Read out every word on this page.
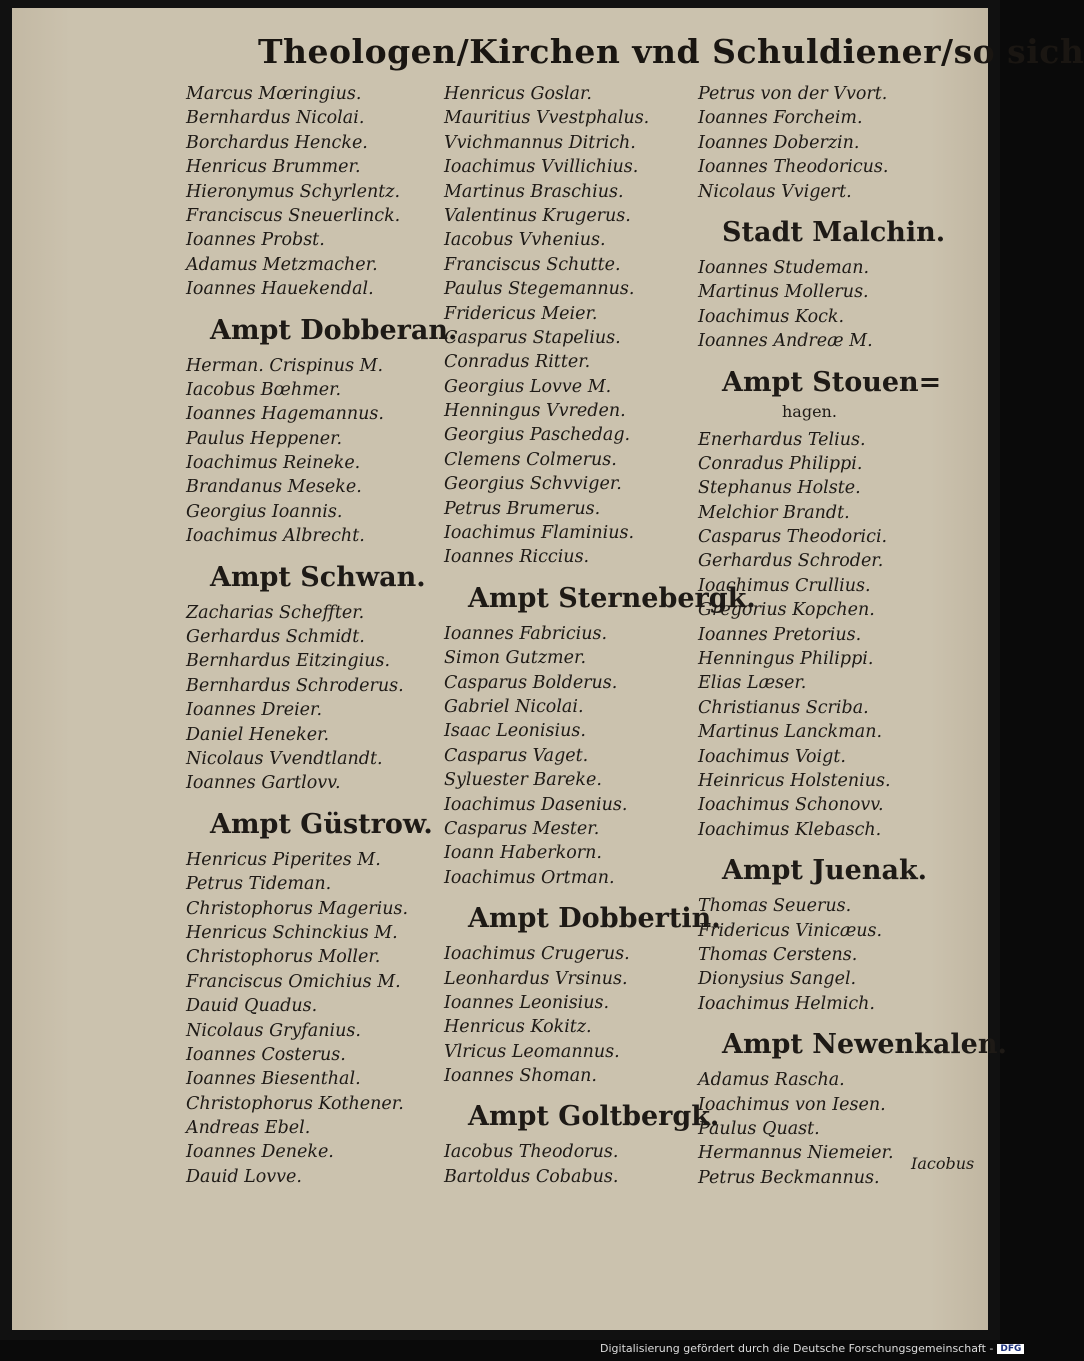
Theologen/Kirchen vnd Schuldiener/so sich
Marcus Mœringius.
Bernhardus Nicolai.
Borchardus Hencke.
Henricus Brummer.
Hieronymus Schyrlentz.
Franciscus Sneuerlinck.
Ioannes Probst.
Adamus Metzmacher.
Ioannes Hauekendal.
Ampt Dobberan.
Herman. Crispinus M.
Iacobus Bœhmer.
Ioannes Hagemannus.
Paulus Heppener.
Ioachimus Reineke.
Brandanus Meseke.
Georgius Ioannis.
Ioachimus Albrecht.
Ampt Schwan.
Zacharias Scheffter.
Gerhardus Schmidt.
Bernhardus Eitzingius.
Bernhardus Schroderus.
Ioannes Dreier.
Daniel Heneker.
Nicolaus Vvendtlandt.
Ioannes Gartlovv.
Ampt Güstrow.
Henricus Piperites M.
Petrus Tideman.
Christophorus Magerius.
Henricus Schinckius M.
Christophorus Moller.
Franciscus Omichius M.
Dauid Quadus.
Nicolaus Gryfanius.
Ioannes Costerus.
Ioannes Biesenthal.
Christophorus Kothener.
Andreas Ebel.
Ioannes Deneke.
Dauid Lovve.
Henricus Goslar.
Mauritius Vvestphalus.
Vvichmannus Ditrich.
Ioachimus Vvillichius.
Martinus Braschius.
Valentinus Krugerus.
Iacobus Vvhenius.
Franciscus Schutte.
Paulus Stegemannus.
Fridericus Meier.
Casparus Stapelius.
Conradus Ritter.
Georgius Lovve M.
Henningus Vvreden.
Georgius Paschedag.
Clemens Colmerus.
Georgius Schvviger.
Petrus Brumerus.
Ioachimus Flaminius.
Ioannes Riccius.
Ampt Sternebergk.
Ioannes Fabricius.
Simon Gutzmer.
Casparus Bolderus.
Gabriel Nicolai.
Isaac Leonisius.
Casparus Vaget.
Syluester Bareke.
Ioachimus Dasenius.
Casparus Mester.
Ioann Haberkorn.
Ioachimus Ortman.
Ampt Dobbertin.
Ioachimus Crugerus.
Leonhardus Vrsinus.
Ioannes Leonisius.
Henricus Kokitz.
Vlricus Leomannus.
Ioannes Shoman.
Ampt Goltbergk.
Iacobus Theodorus.
Bartoldus Cobabus.
Petrus von der Vvort.
Ioannes Forcheim.
Ioannes Doberzin.
Ioannes Theodoricus.
Nicolaus Vvigert.
Stadt Malchin.
Ioannes Studeman.
Martinus Mollerus.
Ioachimus Kock.
Ioannes Andreæ M.
Ampt Stouen=
hagen.
Enerhardus Telius.
Conradus Philippi.
Stephanus Holste.
Melchior Brandt.
Casparus Theodorici.
Gerhardus Schroder.
Ioachimus Crullius.
Gregorius Kopchen.
Ioannes Pretorius.
Henningus Philippi.
Elias Læser.
Christianus Scriba.
Martinus Lanckman.
Ioachimus Voigt.
Heinricus Holstenius.
Ioachimus Schonovv.
Ioachimus Klebasch.
Ampt Juenak.
Thomas Seuerus.
Fridericus Vinicæus.
Thomas Cerstens.
Dionysius Sangel.
Ioachimus Helmich.
Ampt Newenkalen.
Adamus Rascha.
Ioachimus von Iesen.
Paulus Quast.
Hermannus Niemeier.
Petrus Beckmannus.
Iacobus
Digitalisierung gefördert durch die Deutsche Forschungsgemeinschaft - DFG
